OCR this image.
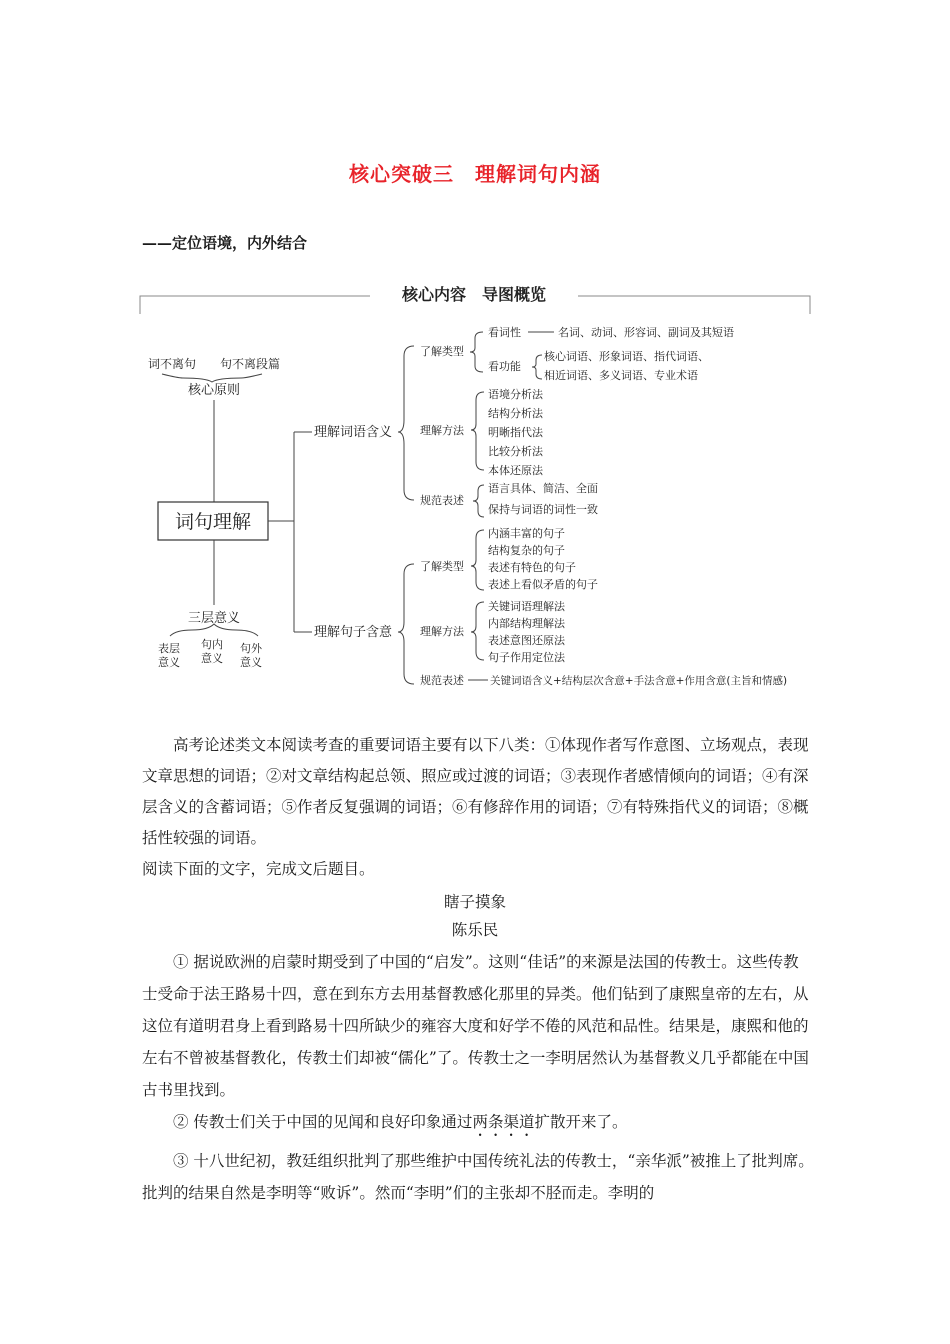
核心突破三　理解词句内涵
——定位语境，内外结合
核心内容　导图概览
词不离句 句不离段篇
核心原则
词句理解
三层意义
表层
意义
句内
意义
句外
意义
理解词语含义
了解类型
看词性	名词、动词、形容词、副词及其短语
看功能
核心词语、形象词语、指代词语、
相近词语、多义词语、专业术语
理解方法
语境分析法
结构分析法
明晰指代法
比较分析法
本体还原法
规范表述
语言具体、简洁、全面
保持与词语的词性一致
理解句子含意
了解类型
内涵丰富的句子
结构复杂的句子
表述有特色的句子
表述上看似矛盾的句子
理解方法
关键词语理解法
内部结构理解法
表述意图还原法
句子作用定位法
规范表述 关键词语含义+结构层次含意+手法含意+作用含意(主旨和情感)
高考论述类文本阅读考查的重要词语主要有以下八类：①体现作者写作意图、立场观点，表现文章思想的词语；②对文章结构起总领、照应或过渡的词语；③表现作者感情倾向的词语；④有深层含义的含蓄词语；⑤作者反复强调的词语；⑥有修辞作用的词语；⑦有特殊指代义的词语；⑧概括性较强的词语。
阅读下面的文字，完成文后题目。
瞎子摸象
陈乐民
① 据说欧洲的启蒙时期受到了中国的“启发”。这则“佳话”的来源是法国的传教士。这些传教士受命于法王路易十四，意在到东方去用基督教感化那里的异类。他们钻到了康熙皇帝的左右，从这位有道明君身上看到路易十四所缺少的雍容大度和好学不倦的风范和品性。结果是，康熙和他的左右不曾被基督教化，传教士们却被“儒化”了。传教士之一李明居然认为基督教义几乎都能在中国古书里找到。
② 传教士们关于中国的见闻和良好印象通过两条渠道扩散开来了。
③ 十八世纪初，教廷组织批判了那些维护中国传统礼法的传教士，“亲华派”被推上了批判席。批判的结果自然是李明等“败诉”。然而“李明”们的主张却不胫而走。李明的
